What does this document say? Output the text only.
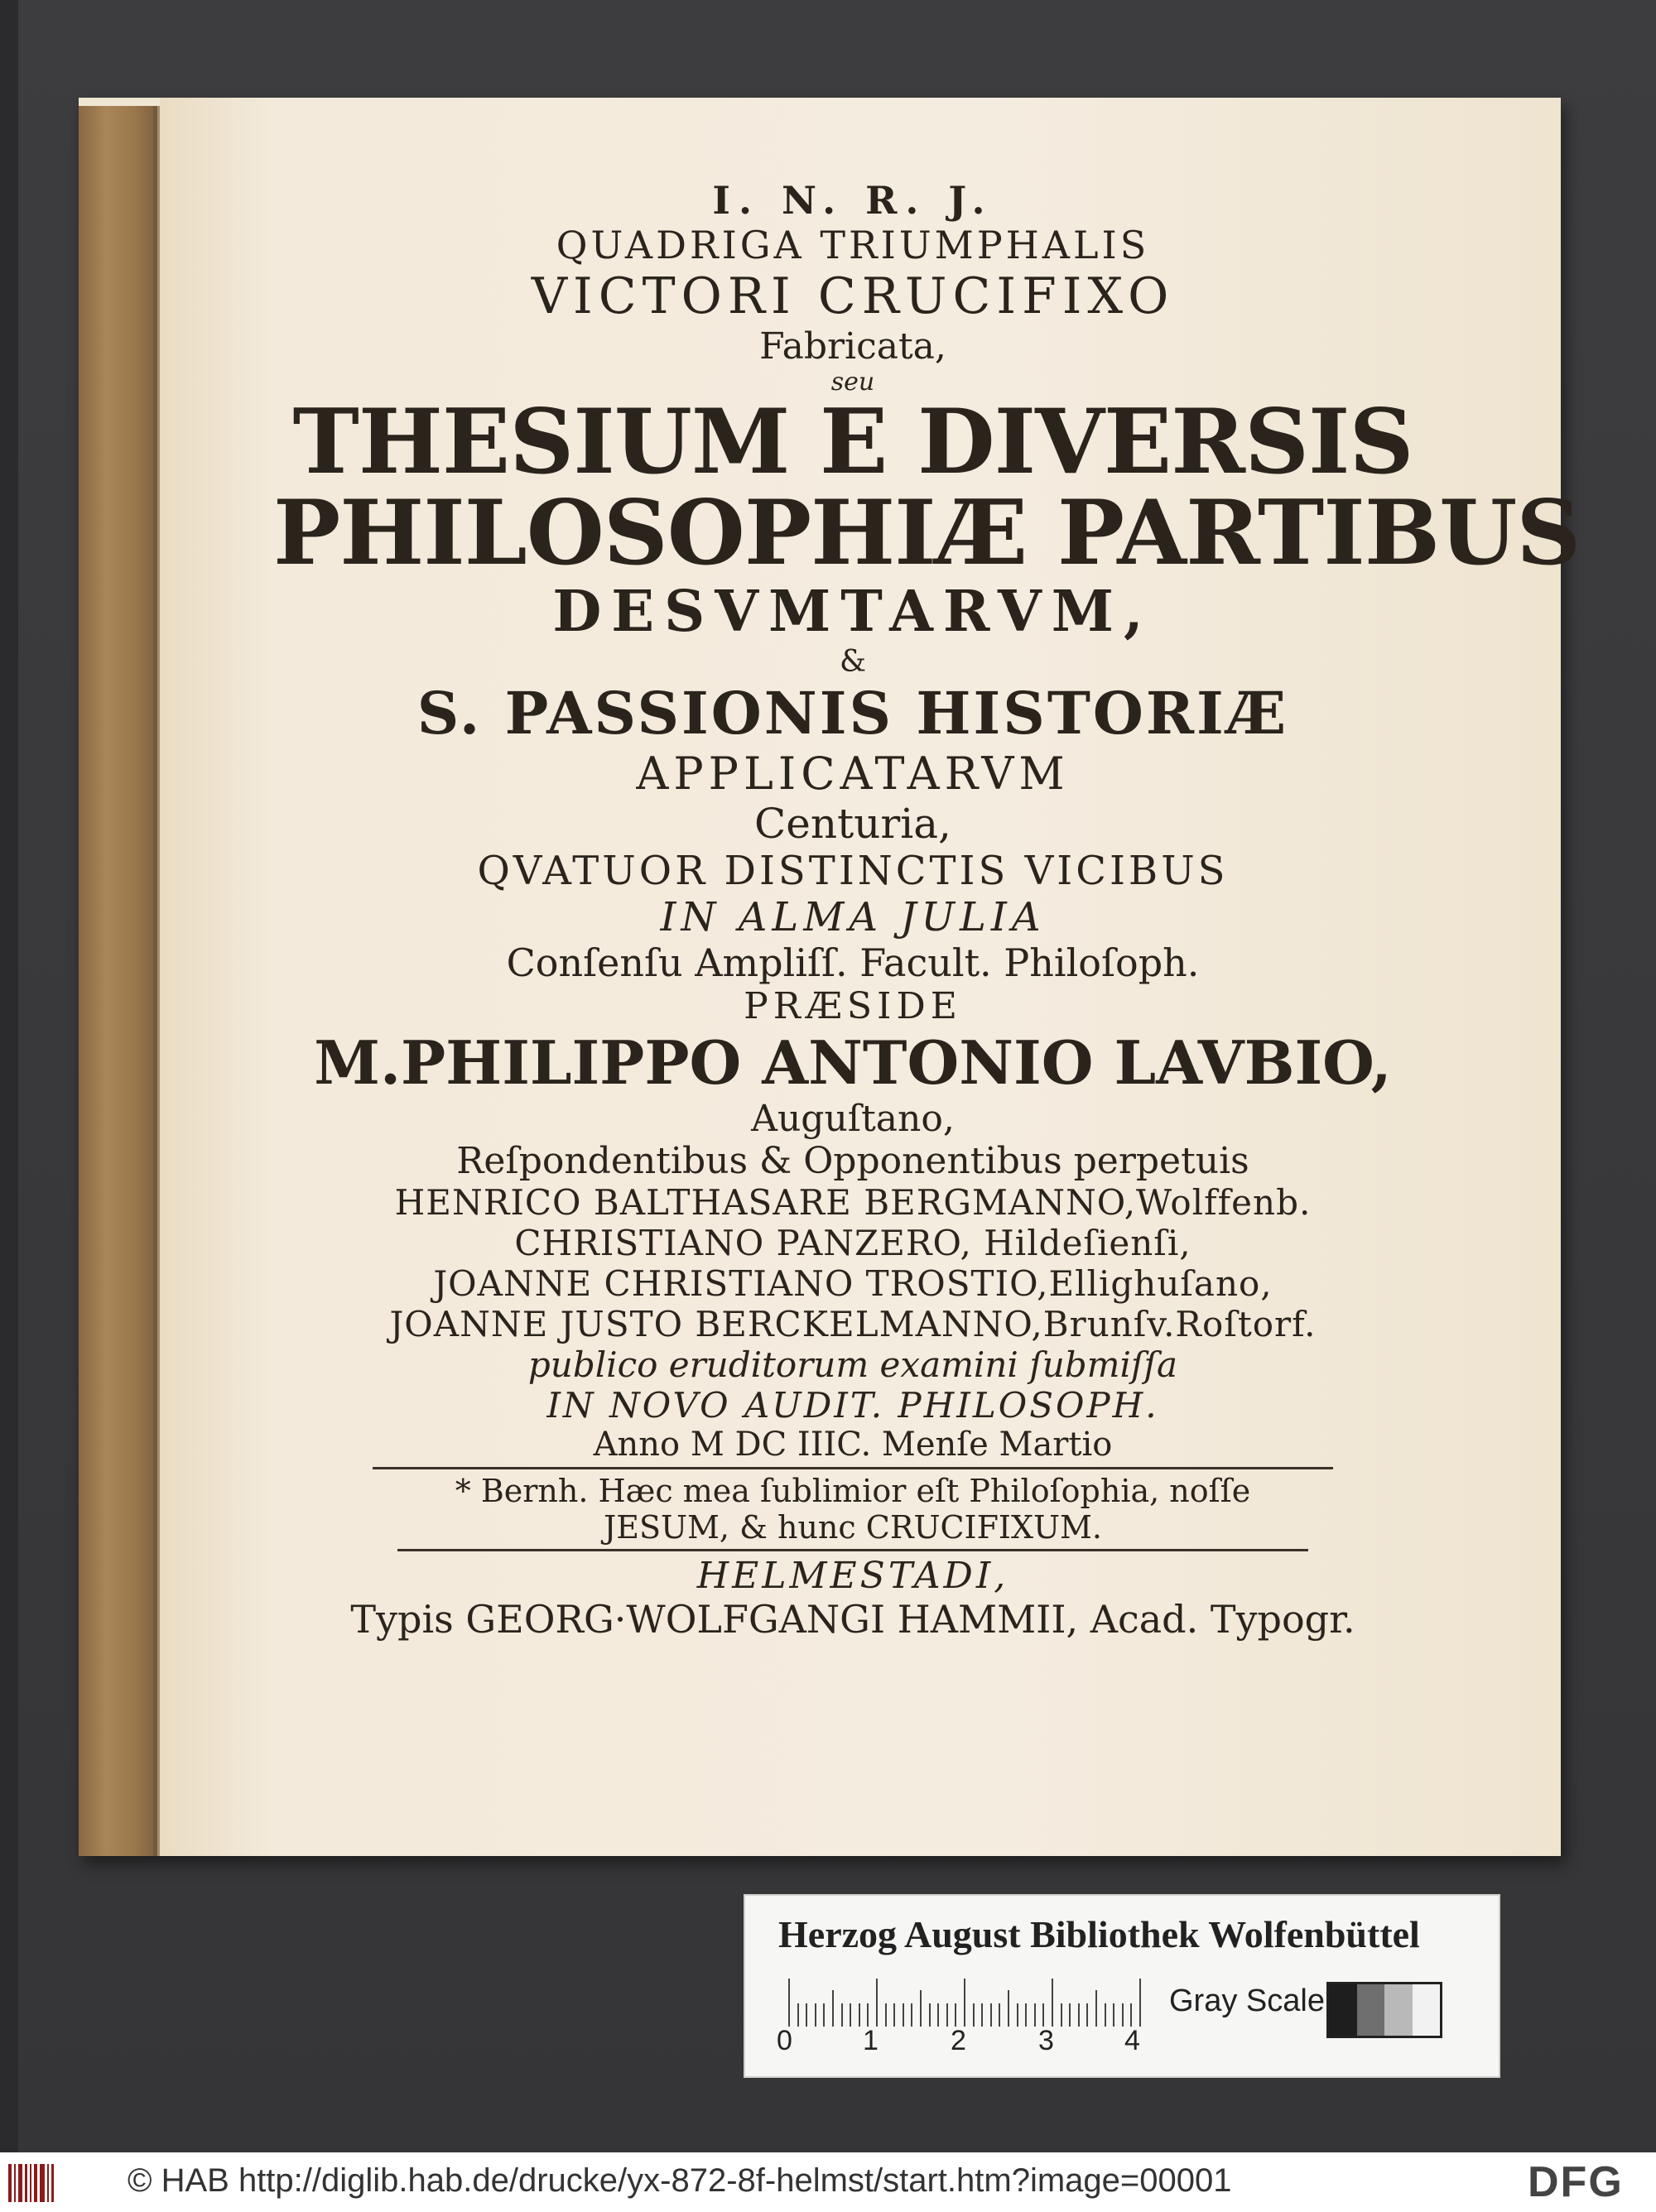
I. N. R. J.
QUADRIGA TRIUMPHALIS
VICTORI CRUCIFIXO
Fabricata,
seu
THESIUM E DIVERSIS
PHILOSOPHIÆ PARTIBUS
DESVMTARVM,
&
S. PASSIONIS HISTORIÆ
APPLICATARVM
Centuria,
QVATUOR DISTINCTIS VICIBUS
IN ALMA JULIA
Conſenſu Ampliſſ. Facult. Philoſoph.
PRÆSIDE
M.PHILIPPO ANTONIO LAVBIO,
Auguſtano,
Reſpondentibus & Opponentibus perpetuis
HENRICO BALTHASARE BERGMANNO,Wolffenb.
CHRISTIANO PANZERO, Hildeſienſi,
JOANNE CHRISTIANO TROSTIO,Ellighuſano,
JOANNE JUSTO BERCKELMANNO,Brunſv.Roſtorf.
publico eruditorum examini ſubmiſſa
IN NOVO AUDIT. PHILOSOPH.
Anno M DC IIIC. Menſe Martio
* Bernh. Hæc mea ſublimior eſt Philoſophia, noſſe
JESUM, & hunc CRUCIFIXUM.
HELMESTADI,
Typis GEORG·WOLFGANGI HAMMII, Acad. Typogr.
Herzog August Bibliothek Wolfenbüttel
0	1	2	3	4
Gray Scale
© HAB http://diglib.hab.de/drucke/yx-872-8f-helmst/start.htm?image=00001	DFG
